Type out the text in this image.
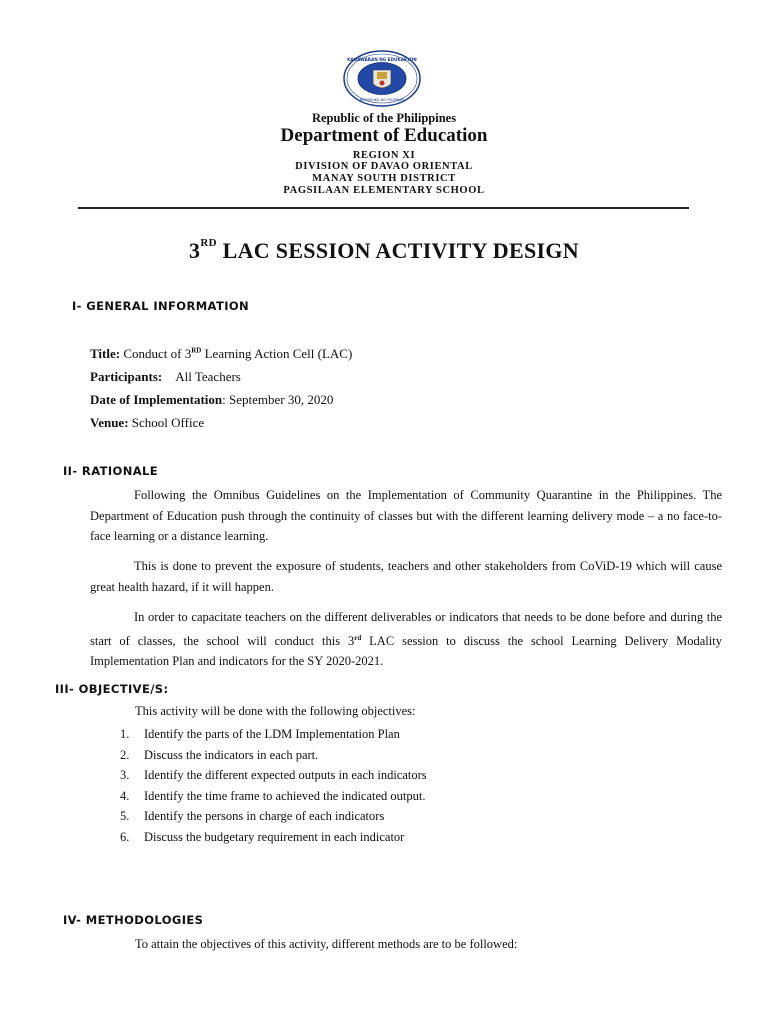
KAGAWARAN NG EDUKASYON
REPUBLIKA NG PILIPINAS
Republic of the Philippines
Department of Education
REGION XI
DIVISION OF DAVAO ORIENTAL
MANAY SOUTH DISTRICT
PAGSILAAN ELEMENTARY SCHOOL
3RD LAC SESSION ACTIVITY DESIGN
I- GENERAL INFORMATION
Title: Conduct of 3RD Learning Action Cell (LAC)
Participants: All Teachers
Date of Implementation: September 30, 2020
Venue: School Office
II- RATIONALE
Following the Omnibus Guidelines on the Implementation of Community Quarantine in the Philippines. The Department of Education push through the continuity of classes but with the different learning delivery mode – a no face-to-face learning or a distance learning.
This is done to prevent the exposure of students, teachers and other stakeholders from CoViD-19 which will cause great health hazard, if it will happen.
In order to capacitate teachers on the different deliverables or indicators that needs to be done before and during the start of classes, the school will conduct this 3rd LAC session to discuss the school Learning Delivery Modality Implementation Plan and indicators for the SY 2020-2021.
III- OBJECTIVE/S:
This activity will be done with the following objectives:
1. Identify the parts of the LDM Implementation Plan
2. Discuss the indicators in each part.
3. Identify the different expected outputs in each indicators
4. Identify the time frame to achieved the indicated output.
5. Identify the persons in charge of each indicators
6. Discuss the budgetary requirement in each indicator
IV- METHODOLOGIES
To attain the objectives of this activity, different methods are to be followed:
